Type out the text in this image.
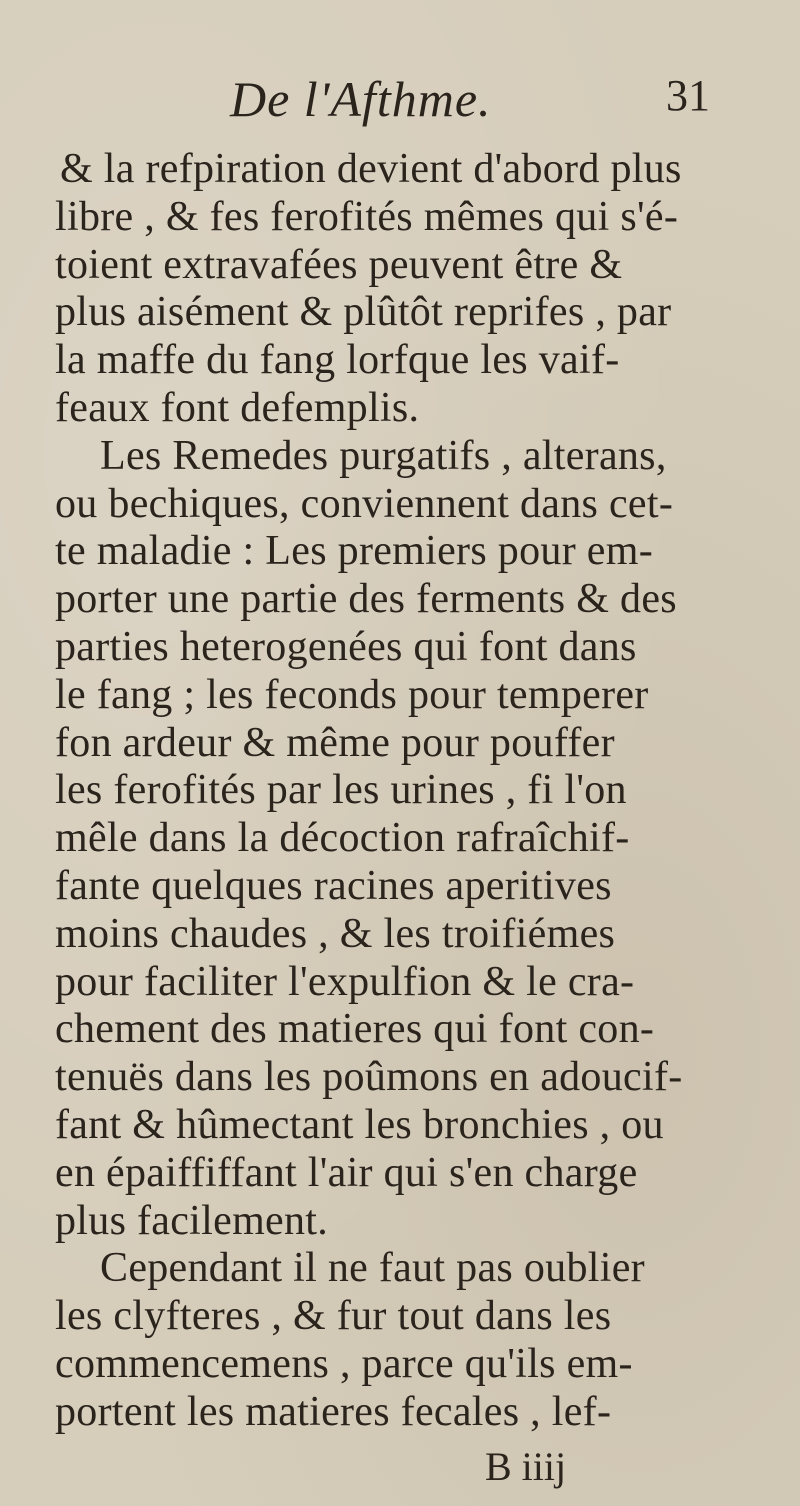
De l'Afthme.	31
& la refpiration devient d'abord plus
libre , & fes ferofités mêmes qui s'é-
toient extravafées peuvent être &
plus aisément & plûtôt reprifes , par
la maffe du fang lorfque les vaif-
feaux font defemplis.
Les Remedes purgatifs , alterans,
ou bechiques, conviennent dans cet-
te maladie : Les premiers pour em-
porter une partie des ferments & des
parties heterogenées qui font dans
le fang ; les feconds pour temperer
fon ardeur & même pour pouffer
les ferofités par les urines , fi l'on
mêle dans la décoction rafraîchif-
fante quelques racines aperitives
moins chaudes , & les troifiémes
pour faciliter l'expulfion & le cra-
chement des matieres qui font con-
tenuës dans les poûmons en adoucif-
fant & hûmectant les bronchies , ou
en épaiffiffant l'air qui s'en charge
plus facilement.
Cependant il ne faut pas oublier
les clyfteres , & fur tout dans les
commencemens , parce qu'ils em-
portent les matieres fecales , lef-
B iiij
